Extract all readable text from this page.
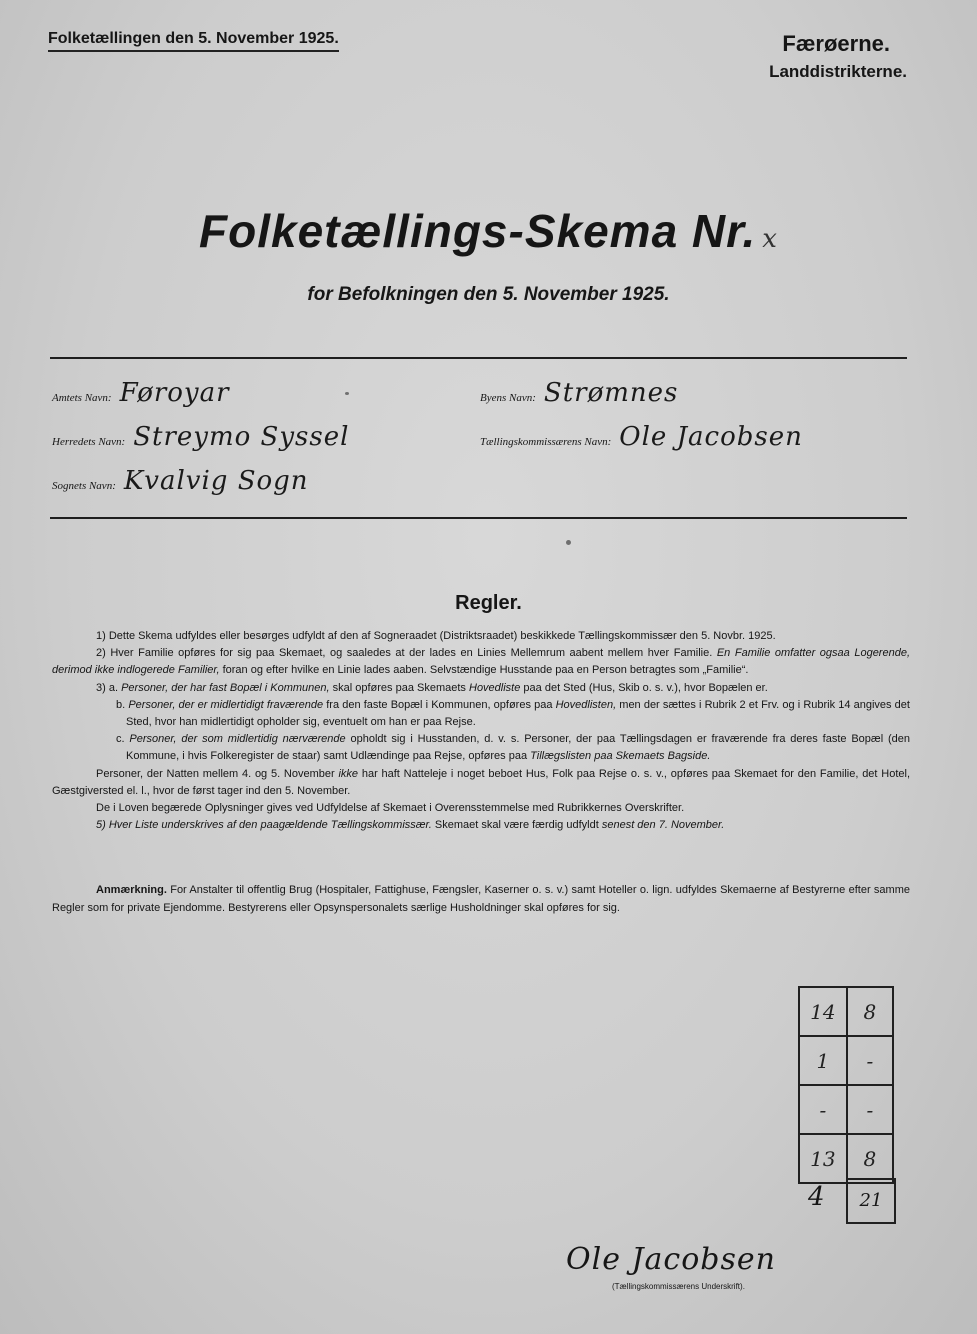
Folketællingen den 5. November 1925.	Færøerne.
Landdistrikterne.
Folketællings-Skema Nr. x
for Befolkningen den 5. November 1925.
Amtets Navn: Føroyar	Byens Navn: Strømnes
Herredets Navn: Streymo Syssel	Tællingskommissærens Navn: Ole Jacobsen
Sognets Navn: Kvalvig Sogn
Regler.

1) Dette Skema udfyldes eller besørges udfyldt af den af Sogneraadet (Distriktsraadet) beskikkede Tællingskommissær den 5. Novbr. 1925.

2) Hver Familie opføres for sig paa Skemaet, og saaledes at der lades en Linies Mellemrum aabent mellem hver Familie. En Familie omfatter ogsaa Logerende, derimod ikke indlogerede Familier, foran og efter hvilke en Linie lades aaben. Selvstændige Husstande paa en Person betragtes som „Familie“.

3) a. Personer, der har fast Bopæl i Kommunen, skal opføres paa Skemaets Hovedliste paa det Sted (Hus, Skib o. s. v.), hvor Bopælen er.

b. Personer, der er midlertidigt fraværende fra den faste Bopæl i Kommunen, opføres paa Hovedlisten, men der sættes i Rubrik 2 et Frv. og i Rubrik 14 angives det Sted, hvor han midlertidigt opholder sig, eventuelt om han er paa Rejse.

c. Personer, der som midlertidig nærværende opholdt sig i Husstanden, d. v. s. Personer, der paa Tællingsdagen er fraværende fra deres faste Bopæl (den Kommune, i hvis Folkeregister de staar) samt Udlændinge paa Rejse, opføres paa Tillægslisten paa Skemaets Bagside.

Personer, der Natten mellem 4. og 5. November ikke har haft Natteleje i noget beboet Hus, Folk paa Rejse o. s. v., opføres paa Skemaet for den Familie, det Hotel, Gæstgiversted el. l., hvor de først tager ind den 5. November.

De i Loven begærede Oplysninger gives ved Udfyldelse af Skemaet i Overensstemmelse med Rubrikkernes Overskrifter.

5) Hver Liste underskrives af den paagældende Tællingskommissær. Skemaet skal være færdig udfyldt senest den 7. November.

Anmærkning. For Anstalter til offentlig Brug (Hospitaler, Fattighuse, Fængsler, Kaserner o. s. v.) samt Hoteller o. lign. udfyldes Skemaerne af Bestyrerne efter samme Regler som for private Ejendomme. Bestyrerens eller Opsynspersonalets særlige Husholdninger skal opføres for sig.
14	8
1	-
-	-
13	8
4	21
Ole Jacobsen
(Tællingskommissærens Underskrift).
